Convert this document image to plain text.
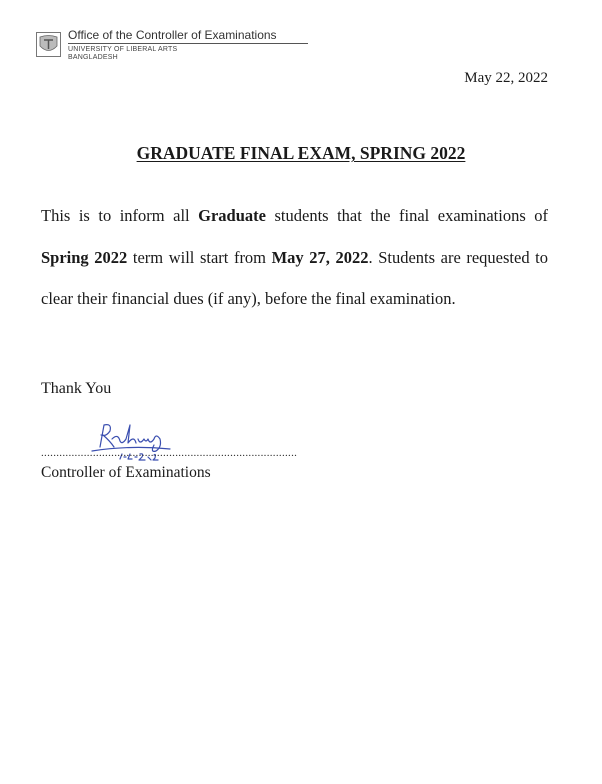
Office of the Controller of Examinations
UNIVERSITY OF LIBERAL ARTS
BANGLADESH
May 22, 2022
GRADUATE FINAL EXAM, SPRING 2022

This is to inform all Graduate students that the final examinations of Spring 2022 term will start from May 27, 2022. Students are requested to clear their financial dues (if any), before the final examination.

Thank You
....................................................................................
Controller of Examinations
